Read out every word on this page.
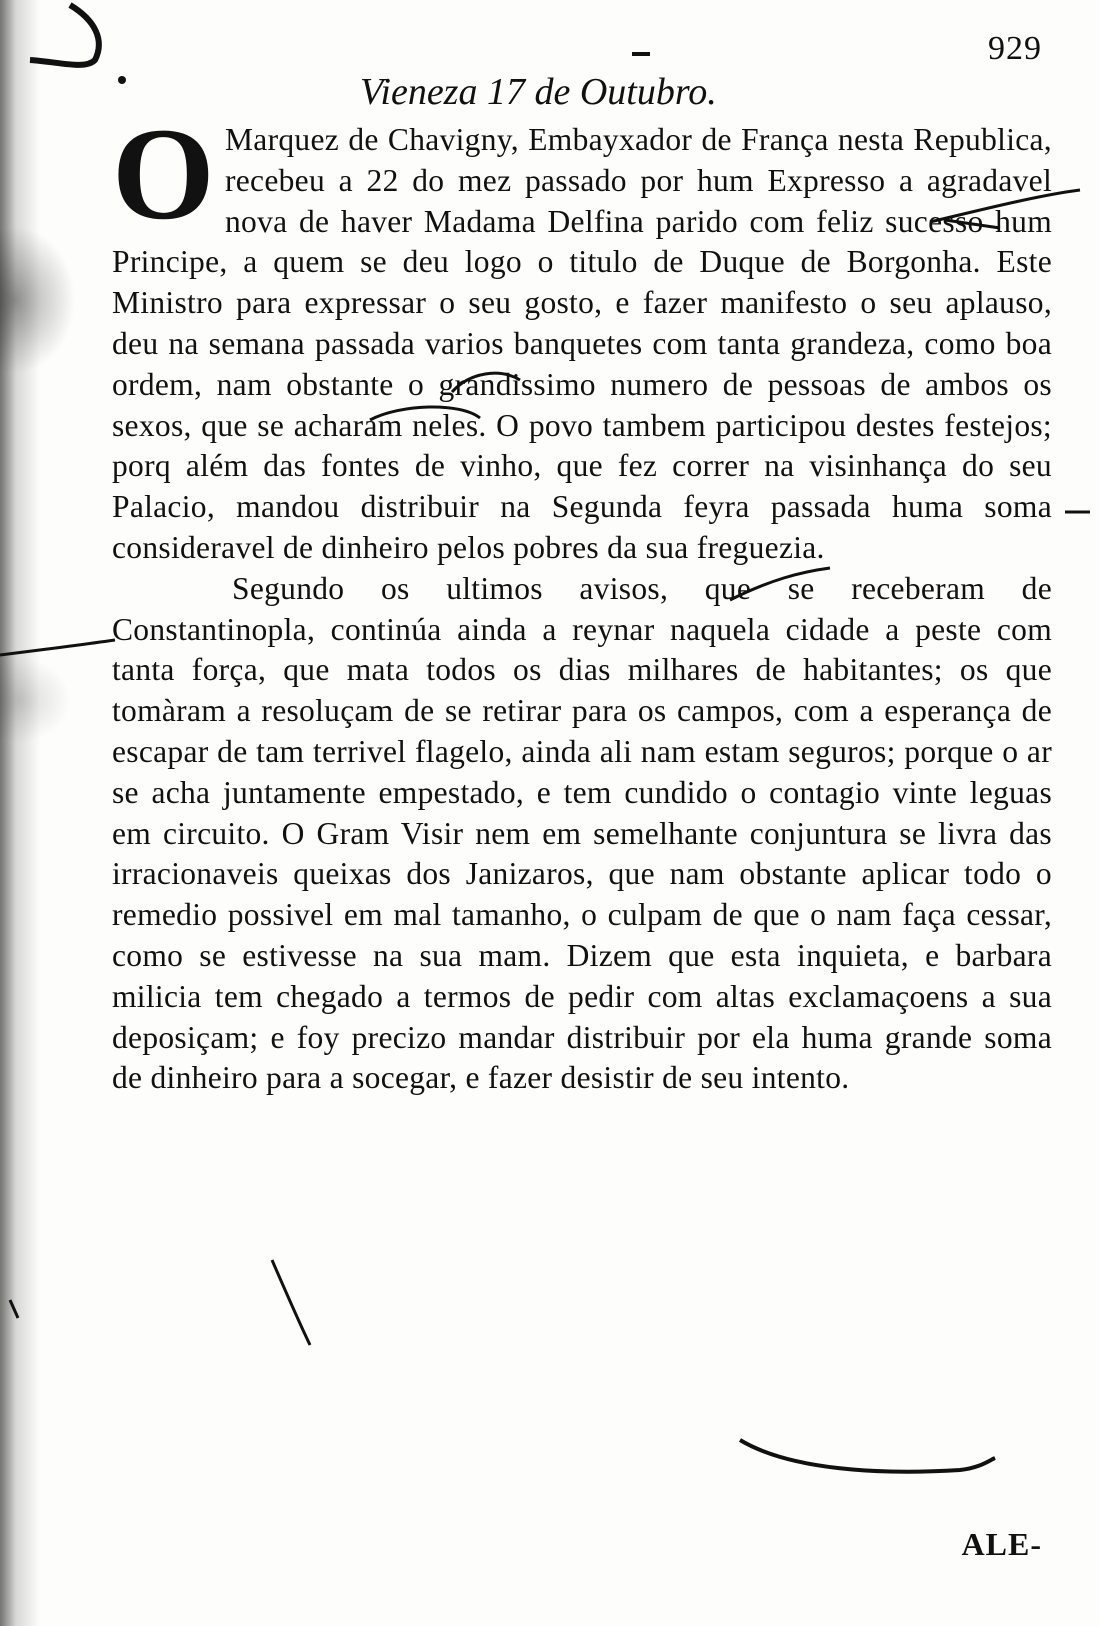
929
Vieneza 17 de Outubro.

O Marquez de Chavigny, Embayxador de França nesta Republica, recebeu a 22 do mez passado por hum Expresso a agradavel nova de haver Madama Delfina parido com feliz sucesso hum Principe, a quem se deu logo o titulo de Duque de Borgonha. Este Ministro para expressar o seu gosto, e fazer manifesto o seu aplauso, deu na semana passada varios banquetes com tanta grandeza, como boa ordem, nam obstante o grandissimo numero de pessoas de ambos os sexos, que se acharam neles. O povo tambem participou destes festejos; porq além das fontes de vinho, que fez correr na visinhança do seu Palacio, mandou distribuir na Segunda feyra passada huma soma consideravel de dinheiro pelos pobres da sua freguezia.

Segundo os ultimos avisos, que se receberam de Constantinopla, continúa ainda a reynar naquela cidade a peste com tanta força, que mata todos os dias milhares de habitantes; os que tomàram a resoluçam de se retirar para os campos, com a esperança de escapar de tam terrivel flagelo, ainda ali nam estam seguros; porque o ar se acha juntamente empestado, e tem cundido o contagio vinte leguas em circuito. O Gram Visir nem em semelhante conjuntura se livra das irracionaveis queixas dos Janizaros, que nam obstante aplicar todo o remedio possivel em mal tamanho, o culpam de que o nam faça cessar, como se estivesse na sua mam. Dizem que esta inquieta, e barbara milicia tem chegado a termos de pedir com altas exclamaçoens a sua deposiçam; e foy precizo mandar distribuir por ela huma grande soma de dinheiro para a socegar, e fazer desistir de seu intento.

ALE-
